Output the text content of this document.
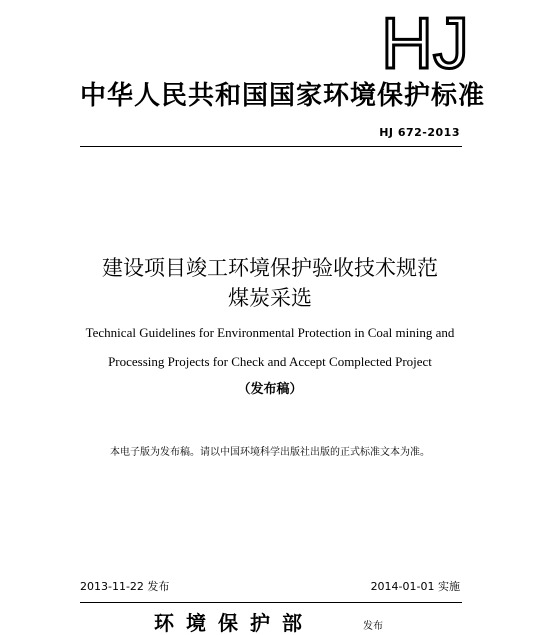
HJ
中华人民共和国国家环境保护标准
HJ 672-2013
建设项目竣工环境保护验收技术规范
煤炭采选
Technical Guidelines for Environmental Protection in Coal mining and
Processing Projects for Check and Accept Complected Project
（发布稿）
本电子版为发布稿。请以中国环境科学出版社出版的正式标准文本为准。
2013-11-22 发布	2014-01-01 实施
环境保护部	发布
